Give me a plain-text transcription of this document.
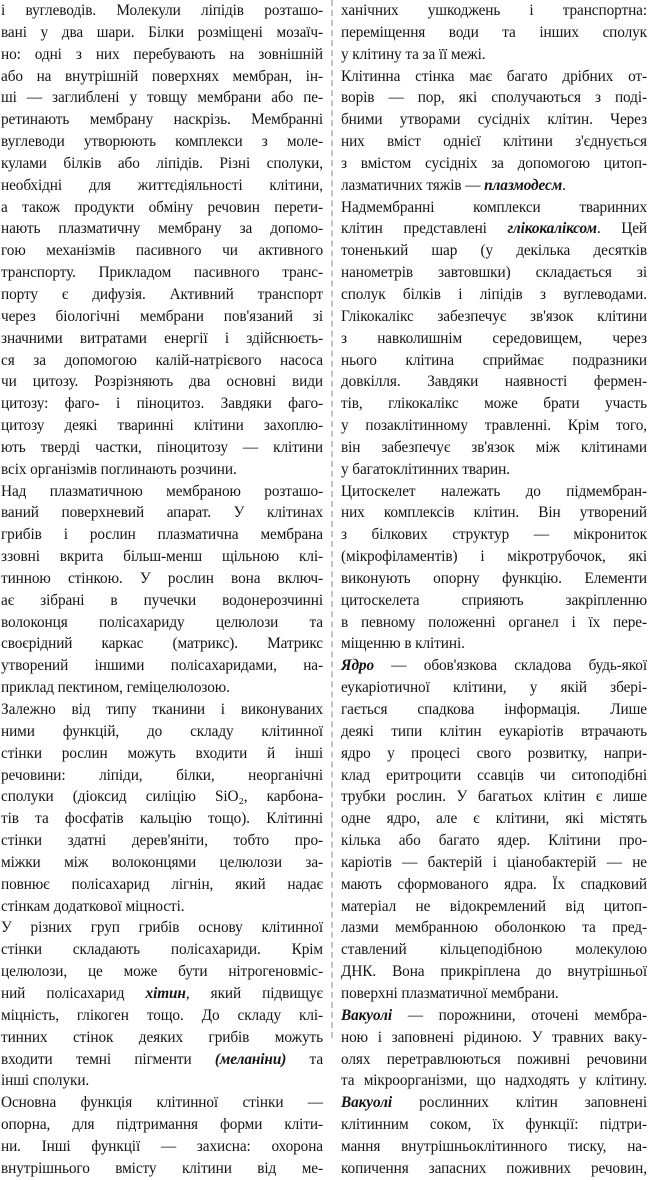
і вуглеводів. Молекули ліпідів розташо-
вані у два шари. Білки розміщені мозаїч-
но: одні з них перебувають на зовнішній
або на внутрішній поверхнях мембран, ін-
ші — заглиблені у товщу мембрани або пе-
ретинають мембрану наскрізь. Мембранні
вуглеводи утворюють комплекси з моле-
кулами білків або ліпідів. Різні сполуки,
необхідні для життєдіяльності клітини,
а також продукти обміну речовин перети-
нають плазматичну мембрану за допомо-
гою механізмів пасивного чи активного
транспорту. Прикладом пасивного транс-
порту є дифузія. Активний транспорт
через біологічні мембрани пов'язаний зі
значними витратами енергії і здійснюєть-
ся за допомогою калій-натрієвого насоса
чи цитозу. Розрізняють два основні види
цитозу: фаго- і піноцитоз. Завдяки фаго-
цитозу деякі тваринні клітини захоплю-
ють тверді частки, піноцитозу — клітини
всіх організмів поглинають розчини.
Над плазматичною мембраною розташо-
ваний поверхневий апарат. У клітинах
грибів і рослин плазматична мембрана
ззовні вкрита більш-менш щільною клі-
тинною стінкою. У рослин вона включ-
ає зібрані в пучечки водонерозчинні
волоконця полісахариду целюлози та
своєрідний каркас (матрикс). Матрикс
утворений іншими полісахаридами, на-
приклад пектином, геміцелюлозою.
Залежно від типу тканини і виконуваних
ними функцій, до складу клітинної
стінки рослин можуть входити й інші
речовини: ліпіди, білки, неорганічні
сполуки (діоксид силіцію SiO₂, карбона-
тів та фосфатів кальцію тощо). Клітинні
стінки здатні дерев'яніти, тобто про-
міжки між волоконцями целюлози за-
повнює полісахарид лігнін, який надає
стінкам додаткової міцності.
У різних груп грибів основу клітинної
стінки складають полісахариди. Крім
целюлози, це може бути нітрогеновміс-
ний полісахарид хітин, який підвищує
міцність, глікоген тощо. До складу клі-
тинних стінок деяких грибів можуть
входити темні пігменти (меланіни) та
інші сполуки.
Основна функція клітинної стінки —
опорна, для підтримання форми клiти-
ни. Інші функції — захисна: охорона
внутрішнього вмісту клітини від ме-
ханічних ушкоджень і транспортна:
переміщення води та інших сполук
у клітину та за її межі.
Клітинна стінка має багато дрібних от-
ворів — пор, які сполучаються з поді-
бними утворами сусідніх клітин. Через
них вміст однієї клітини з'єднується
з вмістом сусідніх за допомогою цитоп-
лазматичних тяжів — плазмодесм.
Надмембранні комплекси тваринних
клітин представлені глікокаліксом. Цей
тоненький шар (у декілька десятків
нанометрів завтовшки) складається зі
сполук білків і ліпідів з вуглеводами.
Глікокалікс забезпечує зв'язок клітини
з навколишнім середовищем, через
нього клітина сприймає подразники
довкілля. Завдяки наявності фермен-
тів, глікокалікс може брати участь
у позаклітинному травленні. Крім того,
він забезпечує зв'язок між клітинами
у багатоклітинних тварин.
Цитоскелет належать до підмембран-
них комплексів клітин. Він утворений
з білкових структур — мікрониток
(мікрофіламентів) і мікротрубочок, які
виконують опорну функцію. Елементи
цитоскелета сприяють закріпленню
в певному положенні органел і їх пере-
міщенню в клітині.
Ядро — обов'язкова складова будь-якої
еукаріотичної клітини, у якій збері-
гається спадкова інформація. Лише
деякі типи клітин еукаріотів втрачають
ядро у процесі свого розвитку, напри-
клад еритроцити ссавців чи ситоподібні
трубки рослин. У багатьох клітин є лише
одне ядро, але є клітини, які містять
кілька або багато ядер. Клітини про-
каріотів — бактерій і ціанобактерій — не
мають сформованого ядра. Їх спадковий
матеріал не відокремлений від цитоп-
лазми мембранною оболонкою та пред-
ставлений кільцеподібною молекулою
ДНК. Вона прикріплена до внутрішньої
поверхні плазматичної мембрани.
Вакуолі — порожнини, оточені мембра-
ною і заповнені рідиною. У травних ваку-
олях перетравлюються поживні речовини
та мікроорганізми, що надходять у клітину.
Вакуолі рослинних клітин заповнені
клітинним соком, їх функції: підтри-
мання внутрішньоклітинного тиску, на-
копичення запасних поживних речовин,
